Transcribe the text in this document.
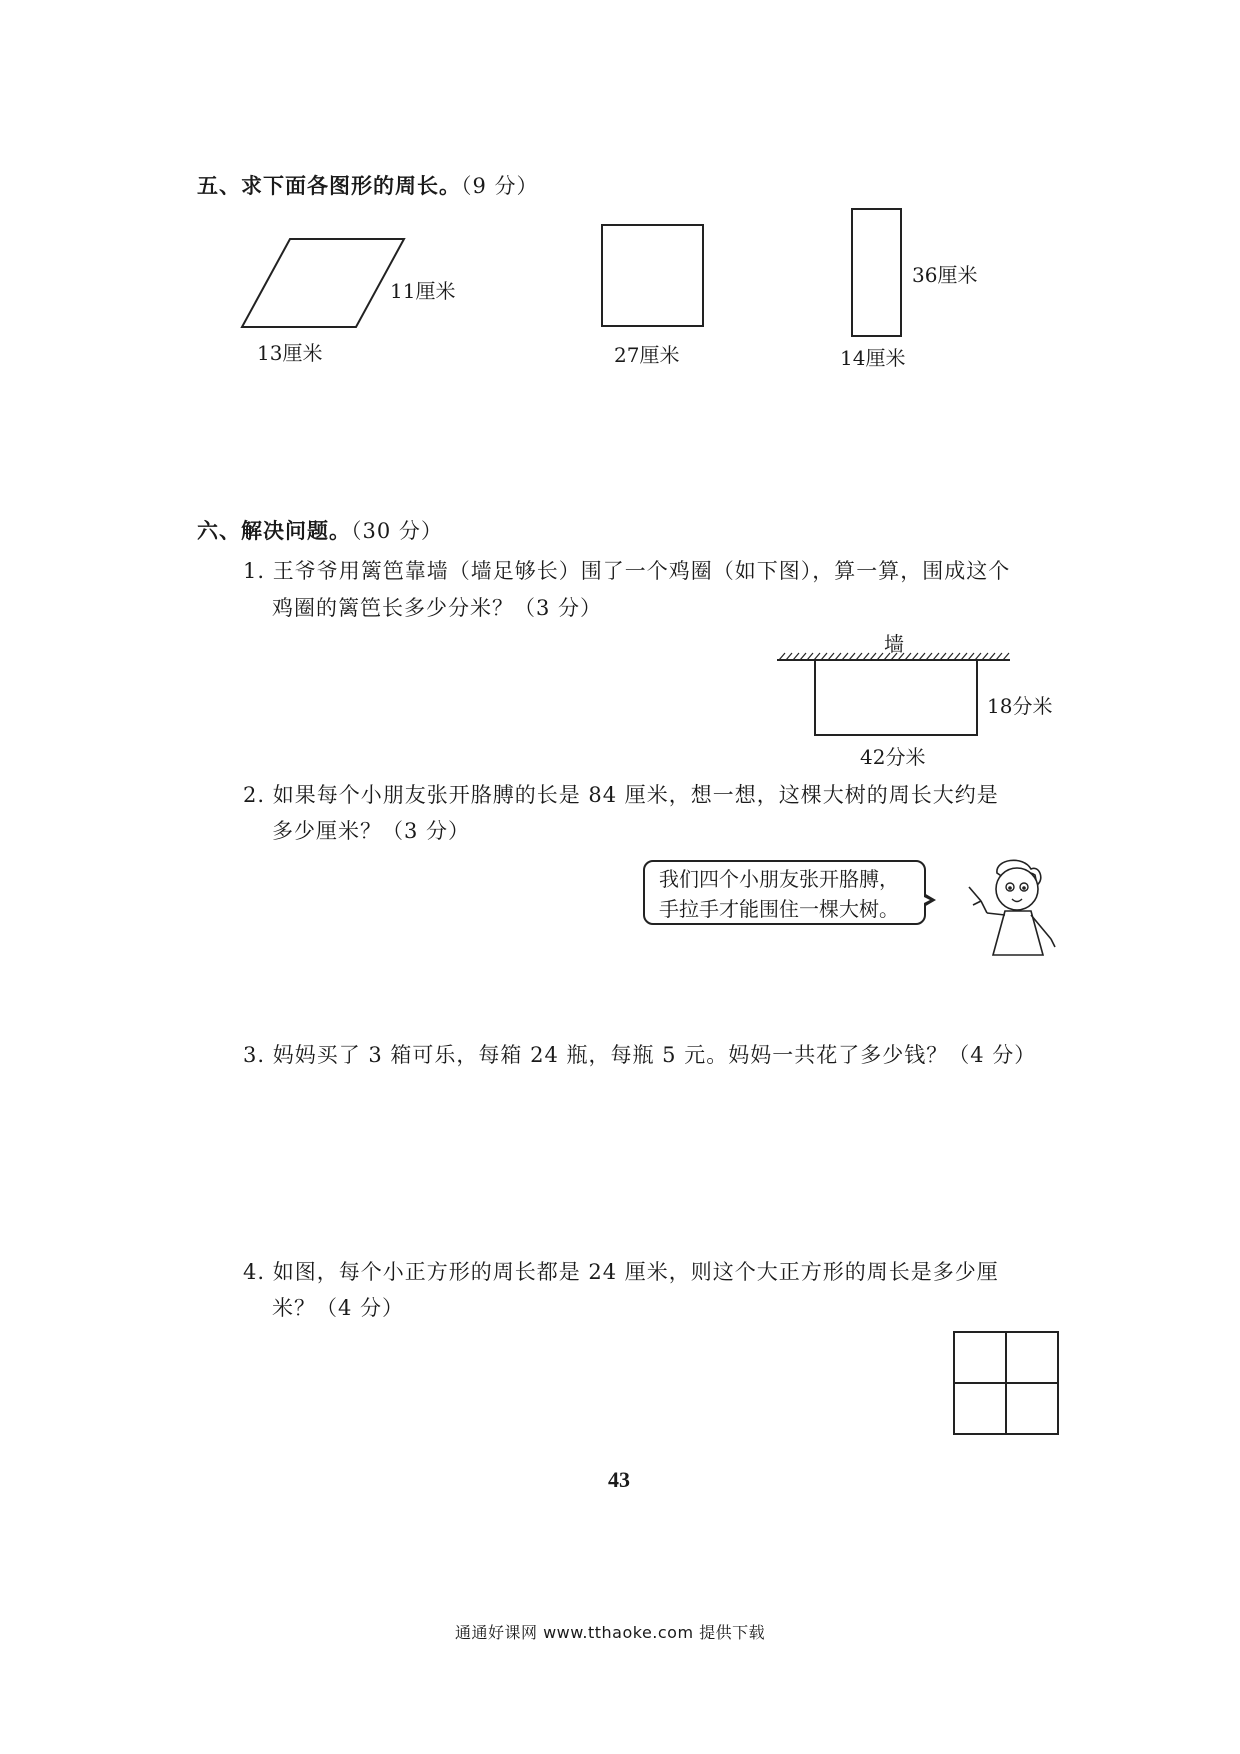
五、求下面各图形的周长。（9 分）
11厘米
13厘米	27厘米
36厘米
14厘米
六、解决问题。（30 分）
1. 王爷爷用篱笆靠墙（墙足够长）围了一个鸡圈（如下图），算一算，围成这个
鸡圈的篱笆长多少分米？（3 分）
墙
18分米
42分米
2. 如果每个小朋友张开胳膊的长是 84 厘米，想一想，这棵大树的周长大约是
多少厘米？（3 分）
我们四个小朋友张开胳膊，
手拉手才能围住一棵大树。
3. 妈妈买了 3 箱可乐，每箱 24 瓶，每瓶 5 元。妈妈一共花了多少钱？（4 分）
4. 如图，每个小正方形的周长都是 24 厘米，则这个大正方形的周长是多少厘
米？（4 分）
43
通通好课网 www.tthaoke.com 提供下载
